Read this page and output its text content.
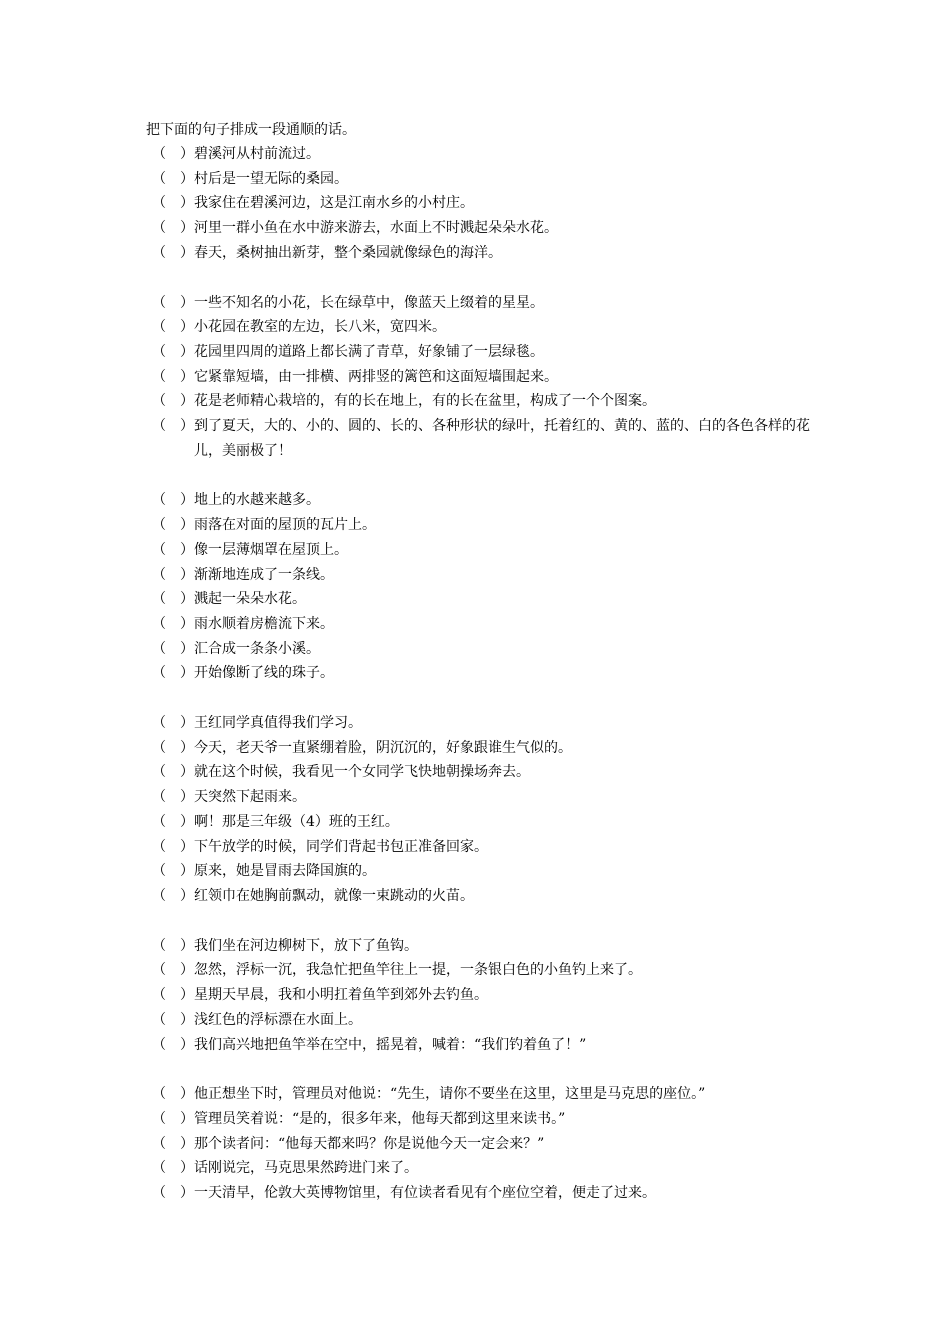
把下面的句子排成一段通顺的话。
（　） 碧溪河从村前流过。
（　） 村后是一望无际的桑园。
（　） 我家住在碧溪河边，这是江南水乡的小村庄。
（　） 河里一群小鱼在水中游来游去，水面上不时溅起朵朵水花。
（　） 春天，桑树抽出新芽，整个桑园就像绿色的海洋。
（　） 一些不知名的小花，长在绿草中，像蓝天上缀着的星星。
（　） 小花园在教室的左边，长八米，宽四米。
（　） 花园里四周的道路上都长满了青草，好象铺了一层绿毯。
（　） 它紧靠短墙，由一排横、两排竖的篱笆和这面短墙围起来。
（　） 花是老师精心栽培的，有的长在地上，有的长在盆里，构成了一个个图案。
（　） 到了夏天，大的、小的、圆的、长的、各种形状的绿叶，托着红的、黄的、蓝的、白的各色各样的花儿，美丽极了！
（　） 地上的水越来越多。
（　） 雨落在对面的屋顶的瓦片上。
（　） 像一层薄烟罩在屋顶上。
（　） 渐渐地连成了一条线。
（　） 溅起一朵朵水花。
（　） 雨水顺着房檐流下来。
（　） 汇合成一条条小溪。
（　） 开始像断了线的珠子。
（　） 王红同学真值得我们学习。
（　） 今天，老天爷一直紧绷着脸，阴沉沉的，好象跟谁生气似的。
（　） 就在这个时候，我看见一个女同学飞快地朝操场奔去。
（　） 天突然下起雨来。
（　） 啊！那是三年级（4）班的王红。
（　） 下午放学的时候，同学们背起书包正准备回家。
（　） 原来，她是冒雨去降国旗的。
（　） 红领巾在她胸前飘动，就像一束跳动的火苗。
（　） 我们坐在河边柳树下，放下了鱼钩。
（　） 忽然，浮标一沉，我急忙把鱼竿往上一提，一条银白色的小鱼钓上来了。
（　） 星期天早晨，我和小明扛着鱼竿到郊外去钓鱼。
（　） 浅红色的浮标漂在水面上。
（　） 我们高兴地把鱼竿举在空中，摇晃着，喊着：“我们钓着鱼了！”
（　） 他正想坐下时，管理员对他说：“先生，请你不要坐在这里，这里是马克思的座位。”
（　） 管理员笑着说：“是的，很多年来，他每天都到这里来读书。”
（　） 那个读者问：“他每天都来吗？你是说他今天一定会来？”
（　） 话刚说完，马克思果然跨进门来了。
（　） 一天清早，伦敦大英博物馆里，有位读者看见有个座位空着，便走了过来。
